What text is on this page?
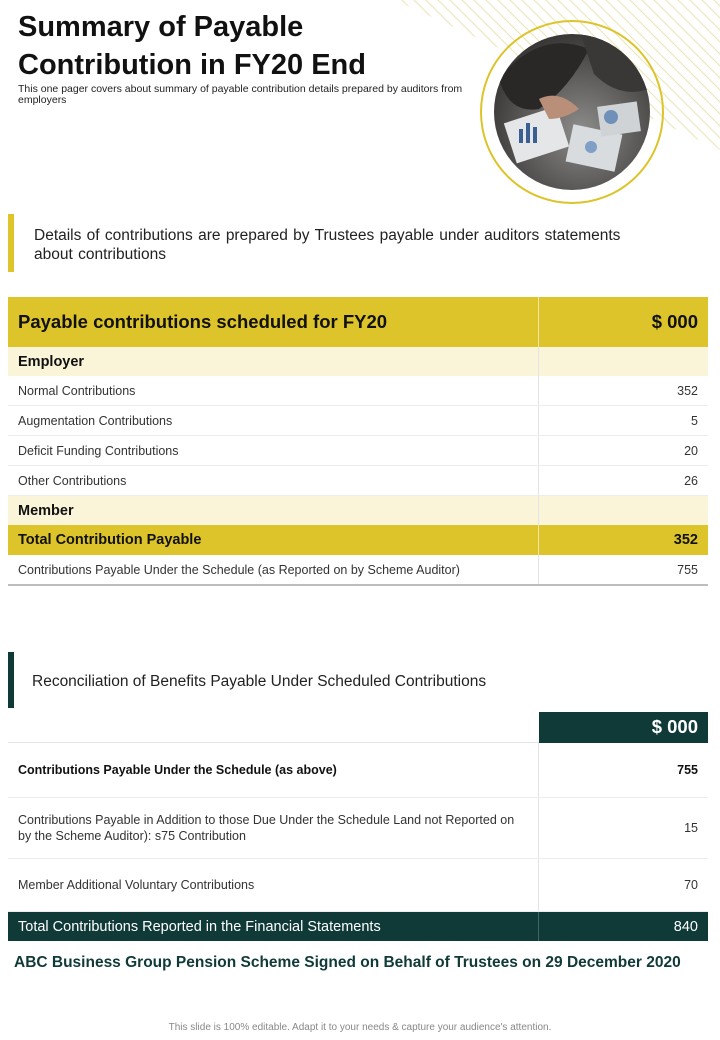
Summary of Payable
Contribution in FY20 End
This one pager covers about summary of payable contribution details prepared by auditors from employers

Details of contributions are prepared by Trustees payable under auditors statements about contributions

Payable contributions scheduled for FY20	$ 000
Employer	
Normal Contributions	352
Augmentation Contributions	5
Deficit Funding Contributions	20
Other Contributions	26
Member	
Total Contribution Payable	352
Contributions Payable Under the Schedule (as Reported on by Scheme Auditor)	755

Reconciliation of Benefits Payable Under Scheduled Contributions

	$ 000
Contributions Payable Under the Schedule (as above)	755
Contributions Payable in Addition to those Due Under the Schedule Land not Reported on by the Scheme Auditor): s75 Contribution	15
Member Additional Voluntary Contributions	70
Total Contributions Reported in the Financial Statements	840
ABC Business Group Pension Scheme Signed on Behalf of Trustees on 29 December 2020
This slide is 100% editable. Adapt it to your needs & capture your audience's attention.
